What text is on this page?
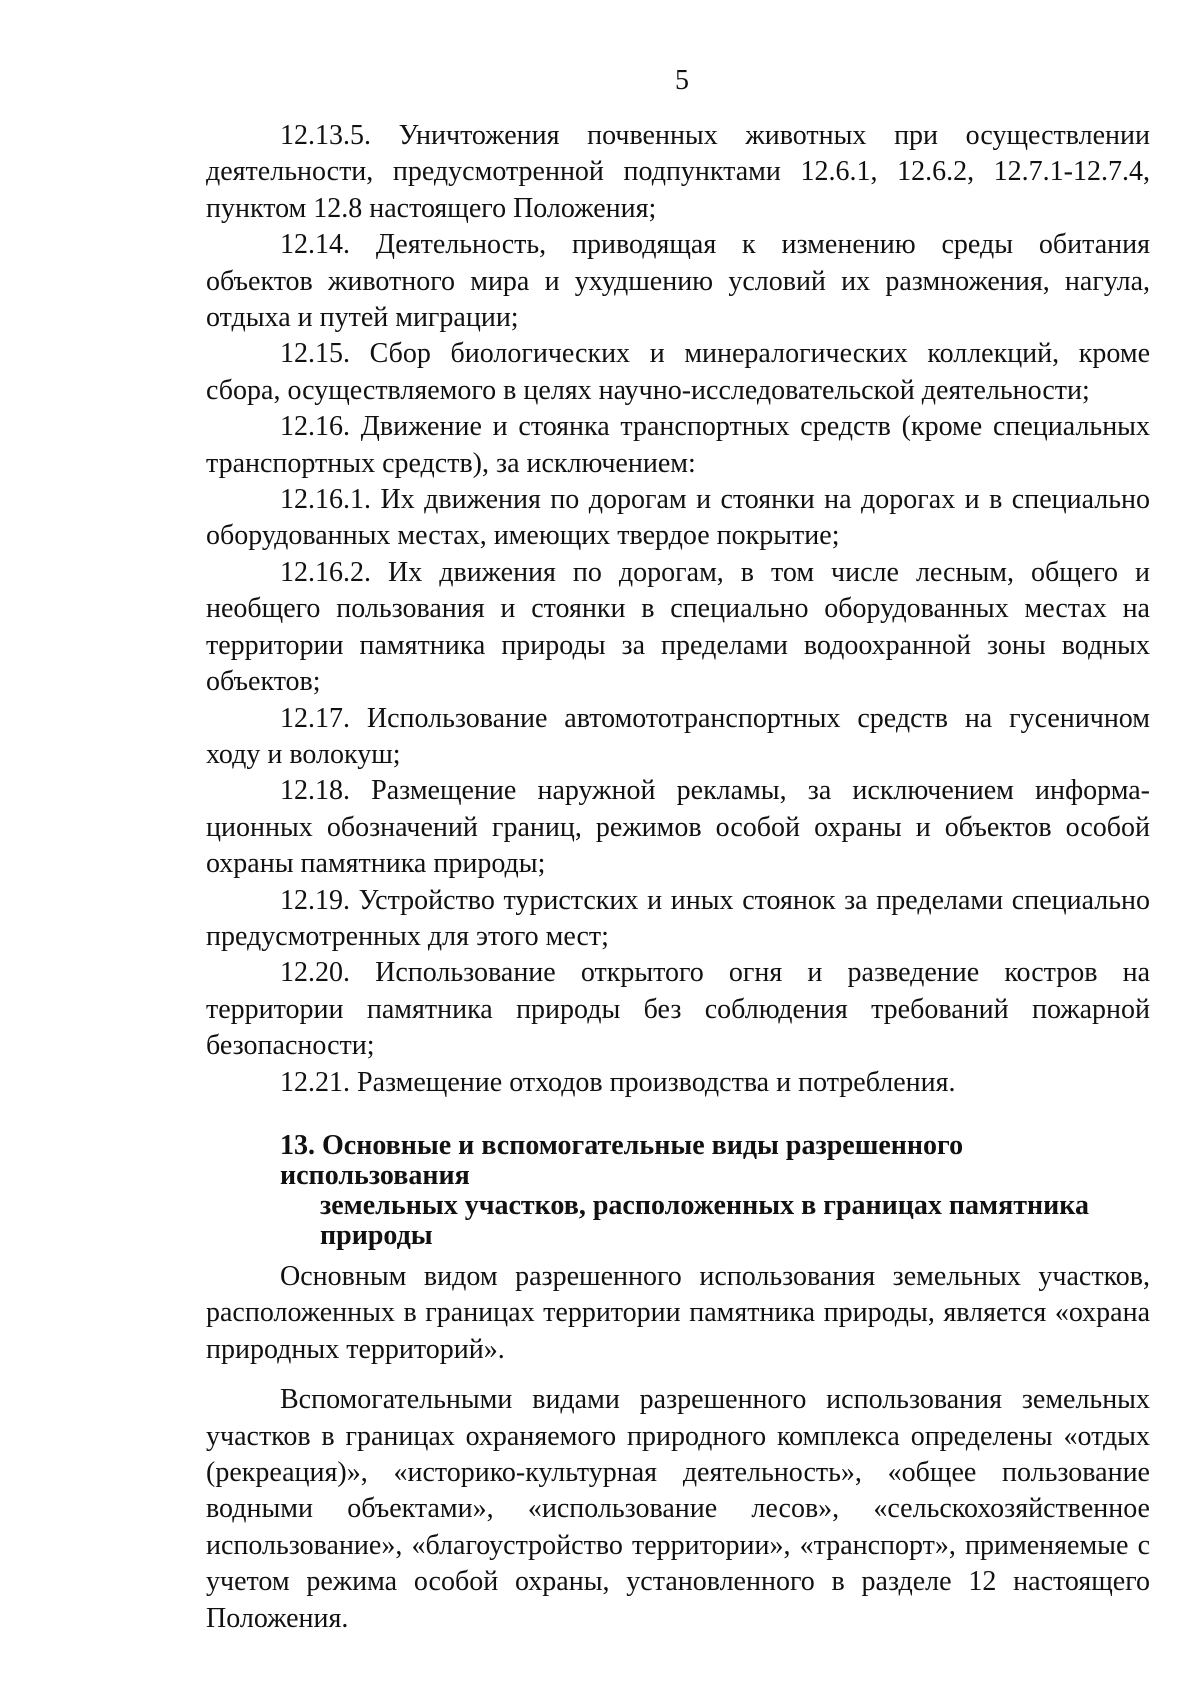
5

12.13.5. Уничтожения почвенных животных при осуществлении деятельности, предусмотренной подпунктами 12.6.1, 12.6.2, 12.7.1-12.7.4, пунктом 12.8 настоящего Положения;

12.14. Деятельность, приводящая к изменению среды обитания объектов животного мира и ухудшению условий их размножения, нагула, отдыха и путей миграции;

12.15. Сбор биологических и минералогических коллекций, кроме сбора, осуществляемого в целях научно-исследовательской деятельности;

12.16. Движение и стоянка транспортных средств (кроме специальных транспортных средств), за исключением:

12.16.1. Их движения по дорогам и стоянки на дорогах и в специально оборудованных местах, имеющих твердое покрытие;

12.16.2. Их движения по дорогам, в том числе лесным, общего и необщего пользования и стоянки в специально оборудованных местах на территории памятника природы за пределами водоохранной зоны водных объектов;

12.17. Использование автомототранспортных средств на гусеничном ходу и волокуш;

12.18. Размещение наружной рекламы, за исключением информационных обозначений границ, режимов особой охраны и объектов особой охраны памятника природы;

12.19. Устройство туристских и иных стоянок за пределами специально предусмотренных для этого мест;

12.20. Использование открытого огня и разведение костров на территории памятника природы без соблюдения требований пожарной безопасности;

12.21. Размещение отходов производства и потребления.

13. Основные и вспомогательные виды разрешенного использования
земельных участков, расположенных в границах памятника
природы

Основным видом разрешенного использования земельных участков, расположенных в границах территории памятника природы, является «охрана природных территорий».

Вспомогательными видами разрешенного использования земельных участков в границах охраняемого природного комплекса определены «отдых (рекреация)», «историко-культурная деятельность», «общее пользование водными объектами», «использование лесов», «сельскохозяйственное использование», «благоустройство территории», «транспорт», применяемые с учетом режима особой охраны, установленного в разделе 12 настоящего Положения.
